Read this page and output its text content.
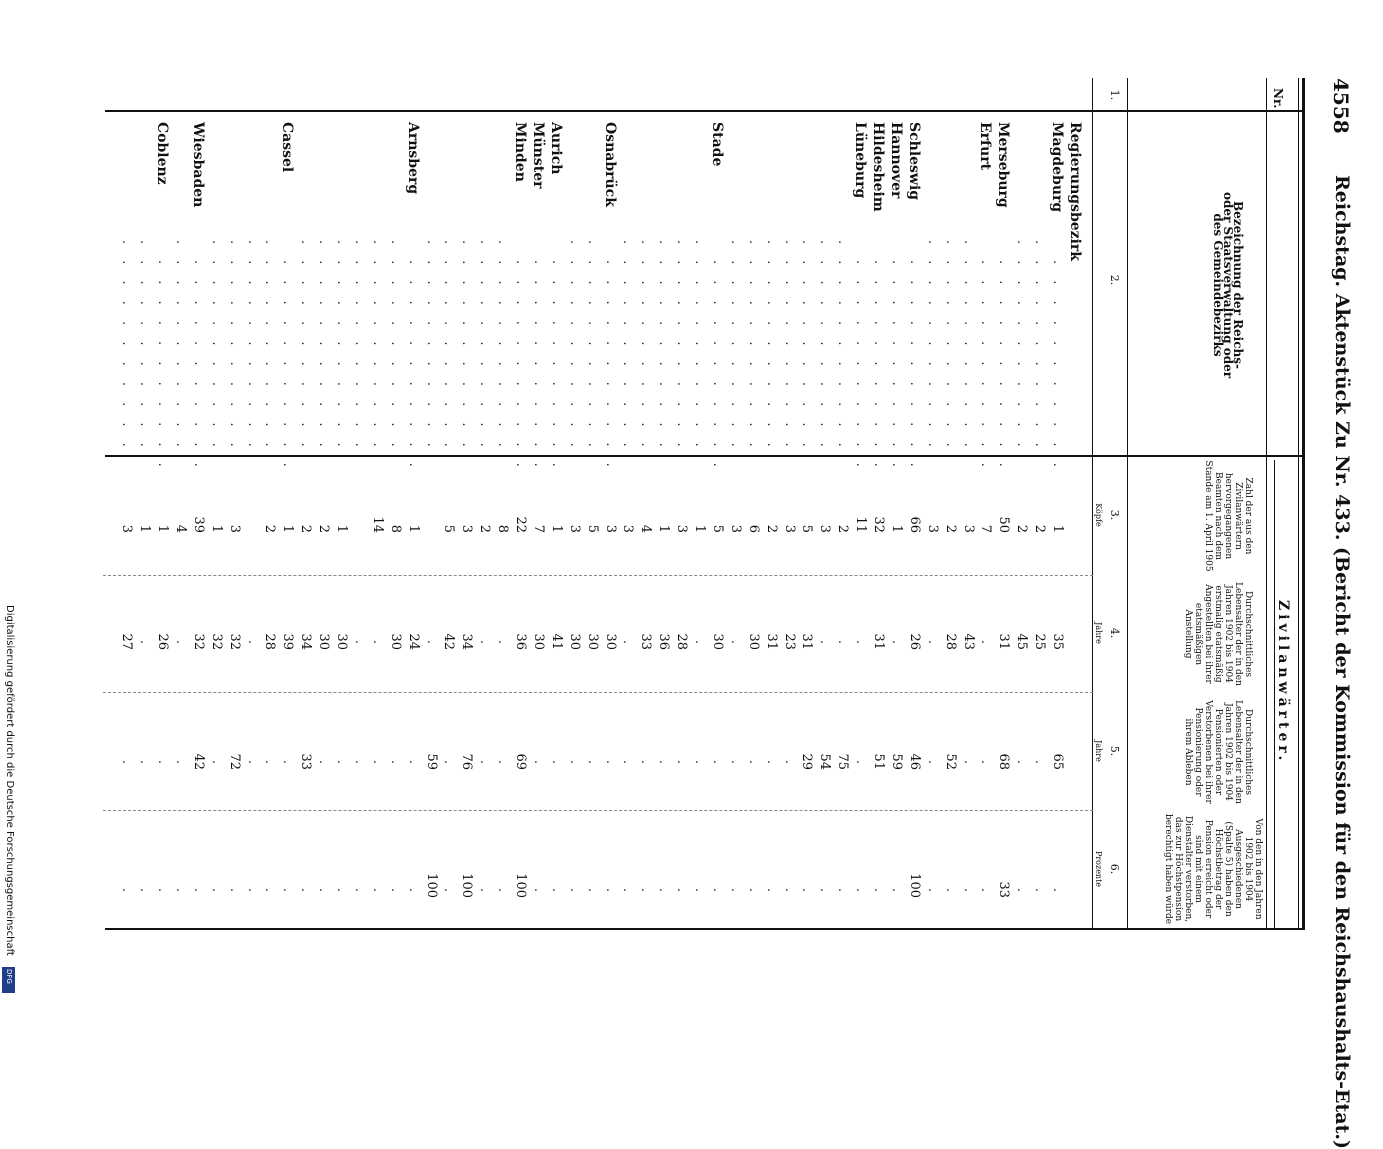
4558
Reichstag. Aktenstück Zu Nr. 433. (Bericht der Kommission für den Reichshaushalts-Etat.)
Zivilanwärter.
Nr.
Bezeichnung der Reichs- oder Staatsverwaltung oder des Gemeindebezirks
Zahl der aus den Zivilanwärtern hervorgegangenen Beamten nach dem Stande am 1. April 1905
Durchschnittliches Lebensalter der in den Jahren 1902 bis 1904 erstmalig etatsmäßig Angestellten bei ihrer etatsmäßigen Anstellung
Durchschnittliches Lebensalter der in den Jahren 1902 bis 1904 Pensionierten oder Verstorbenen bei ihrer Pensionierung oder ihrem Ableben
Von den in den Jahren 1902 bis 1904 Ausgeschiedenen (Spalte 5) haben den Höchstbetrag der Pension erreicht oder sind mit einem Dienstalter verstorben, das zur Höchstpension berechtigt haben würde
1.
2.
3.
4.
5.
6.
Köpfe
Jahre
Jahre
Prozente
Regierungsbezirk
Magdeburg
. . . . . . . . . . .
1
35
65
.
. . . . . . . . . . .
2
25
.
.
. . . . . . . . . . .
2
45
.
.
Merseburg
. . . . . . . . . . .
50
31
68
33
Erfurt
. . . . . . . . . . .
7
.
.
.
. . . . . . . . . . .
3
43
.
.
. . . . . . . . . . .
2
28
52
.
. . . . . . . . . . .
3
.
.
.
Schleswig
. . . . . . . . . . .
66
26
46
100
Hannover
. . . . . . . . . . .
1
.
59
.
Hildesheim
. . . . . . . . . . .
32
31
51
.
Lüneburg
. . . . . . . . . . .
11
.
.
.
. . . . . . . . . . .
2
.
75
.
. . . . . . . . . . .
3
.
54
.
. . . . . . . . . . .
5
31
29
.
. . . . . . . . . . .
3
23
.
.
. . . . . . . . . . .
2
31
.
.
. . . . . . . . . . .
6
30
.
.
. . . . . . . . . . .
3
.
.
.
Stade
. . . . . . . . . . .
5
30
.
.
. . . . . . . . . . .
1
.
.
.
. . . . . . . . . . .
3
28
.
.
. . . . . . . . . . .
1
36
.
.
. . . . . . . . . . .
4
33
.
.
. . . . . . . . . . .
3
.
.
.
Osnabrück
. . . . . . . . . . .
3
30
.
.
. . . . . . . . . . .
5
30
.
.
. . . . . . . . . . .
3
30
.
.
Aurich
. . . . . . . . . . .
1
41
.
.
Münster
. . . . . . . . . . .
7
30
.
.
Minden
. . . . . . . . . . .
22
36
69
100
. . . . . . . . . . .
8
.
.
.
. . . . . . . . . . .
2
.
.
.
. . . . . . . . . . .
3
34
76
100
. . . . . . . . . . .
5
42
.
.
. . . . . . . . . . .
.
59
100
Arnsberg
. . . . . . . . . . .
1
24
.
.
. . . . . . . . . . .
8
30
.
.
. . . . . . . . . . .
14
.
.
.
. . . . . . . . . . .
.
.
.
. . . . . . . . . . .
1
30
.
.
. . . . . . . . . . .
2
30
.
.
. . . . . . . . . . .
2
34
33
.
Cassel
. . . . . . . . . . .
1
39
.
.
. . . . . . . . . . .
2
28
.
.
. . . . . . . . . . .
.
.
.
. . . . . . . . . . .
3
32
72
.
. . . . . . . . . . .
1
32
.
.
Wiesbaden
. . . . . . . . . . .
39
32
42
.
. . . . . . . . . . .
4
.
.
.
Coblenz
. . . . . . . . . . .
1
26
.
.
. . . . . . . . . . .
1
.
.
.
. . . . . . . . . . .
3
27
.
.
Digitalisierung gefördert durch die Deutsche Forschungsgemeinschaft
DFG
